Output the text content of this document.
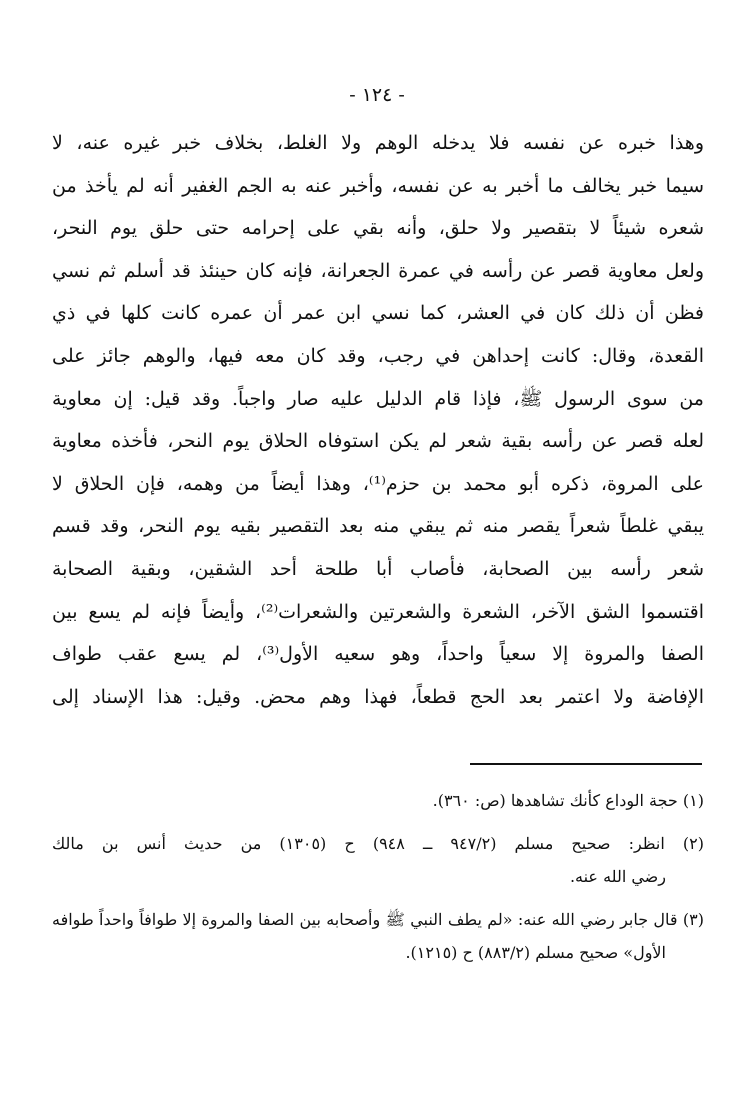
- ١٢٤ -
وهذا خبره عن نفسه فلا يدخله الوهم ولا الغلط، بخلاف خبر غيره عنه، لا
سيما خبر يخالف ما أخبر به عن نفسه، وأخبر عنه به الجم الغفير أنه لم يأخذ من
شعره شيئاً لا بتقصير ولا حلق، وأنه بقي على إحرامه حتى حلق يوم النحر،
ولعل معاوية قصر عن رأسه في عمرة الجعرانة، فإنه كان حينئذ قد أسلم ثم نسي
فظن أن ذلك كان في العشر، كما نسي ابن عمر أن عمره كانت كلها في ذي
القعدة، وقال: كانت إحداهن في رجب، وقد كان معه فيها، والوهم جائز على
من سوى الرسول ﷺ، فإذا قام الدليل عليه صار واجباً. وقد قيل: إن معاوية
لعله قصر عن رأسه بقية شعر لم يكن استوفاه الحلاق يوم النحر، فأخذه معاوية
على المروة، ذكره أبو محمد بن حزم⁽¹⁾، وهذا أيضاً من وهمه، فإن الحلاق لا
يبقي غلطاً شعراً يقصر منه ثم يبقي منه بعد التقصير بقيه يوم النحر، وقد قسم
شعر رأسه بين الصحابة، فأصاب أبا طلحة أحد الشقين، وبقية الصحابة
اقتسموا الشق الآخر، الشعرة والشعرتين والشعرات⁽²⁾، وأيضاً فإنه لم يسع بين
الصفا والمروة إلا سعياً واحداً، وهو سعيه الأول⁽³⁾، لم يسع عقب طواف
الإفاضة ولا اعتمر بعد الحج قطعاً، فهذا وهم محض. وقيل: هذا الإسناد إلى
(١) حجة الوداع كأنك تشاهدها (ص: ٣٦٠).
(٢) انظر: صحيح مسلم (٩٤٧/٢ ــ ٩٤٨) ح (١٣٠٥) من حديث أنس بن مالك
رضي الله عنه.
(٣) قال جابر رضي الله عنه: «لم يطف النبي ﷺ وأصحابه بين الصفا والمروة إلا طوافاً واحداً طوافه
الأول» صحيح مسلم (٨٨٣/٢) ح (١٢١٥).
